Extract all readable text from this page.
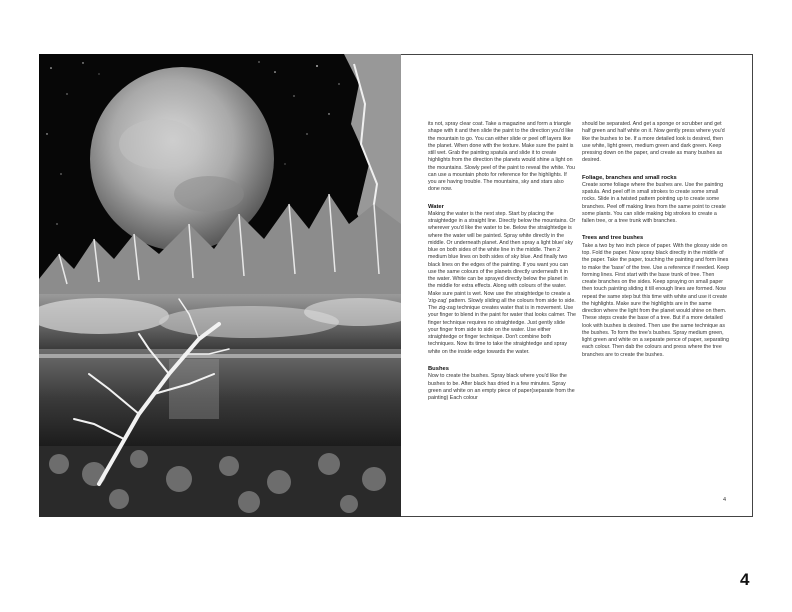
its not, spray clear coat. Take a magazine and form a triangle shape with it and then slide the paint to the direction you'd like the mountain to go. You can either slide or peel off layers like the planet. When done with the texture. Make sure the paint is still wet. Grab the painting spatula and slide it to create highlights from the direction the planets would shine a light on the mountains. Slowly peel of the paint to reveal the white. You can use a mountain photo for reference for the highlights. If you are having trouble. The mountains, sky and stars also done now.

Water

Making the water is the next step. Start by placing the straightedge in a straight line. Directly below the mountains. Or wherever you'd like the water to be. Below the straightedge is where the water will be painted. Spray white directly in the middle. Or underneath planet. And then spray a light blue/ sky blue on both sides of the white line in the middle. Then 2 medium blue lines on both sides of sky blue. And finally two black lines on the edges of the painting. If you want you can use the same colours of the planets directly underneath it in the water. White can be sprayed directly below the planet in the middle for extra effects. Along with colours of the water. Make sure paint is wet. Now use the straightedge to create a 'zig-zag' pattern. Slowly sliding all the colours from side to side. The zig-zag technique creates water that is in movement. Use your finger to blend in the paint for water that looks calmer. The finger technique requires no straightedge. Just gently slide your finger from side to side on the water. Use either straightedge or finger technique. Don't combine both techniques. Now its time to take the straightedge and spray white on the inside edge towards the water.

Bushes

Now to create the bushes. Spray black where you'd like the bushes to be. After black has dried in a few minutes. Spray green and white on an empty piece of paper(separate from the painting) Each colour

should be separated. And get a sponge or scrubber and get half green and half white on it. Now gently press where you'd like the bushes to be. If a more detailed look is desired, then use white, light green, medium green and dark green. Keep pressing down on the paper, and create as many bushes as desired.

Foliage, branches and small rocks

Create some foliage where the bushes are. Use the painting spatula. And peel off in small strokes to create some small rocks. Slide in a twisted pattern pointing up to create some branches. Peel off making lines from the same point to create some plants. You can slide making big strokes to create a fallen tree, or a tree trunk with branches.

Trees and tree bushes

Take a two by two inch piece of paper. With the glossy side on top. Fold the paper. Now spray black directly in the middle of the paper. Take the paper, touching the painting and form lines to make the 'base' of the tree. Use a reference if needed. Keep forming lines. First start with the base trunk of tree. Then create branches on the sides. Keep spraying on small paper then touch painting sliding it till enough lines are formed. Now repeat the same step but this time with white and use it create the highlights. Make sure the highlights are in the same direction where the light from the planet would shine on them. These steps create the base of a tree. But if a more detailed look with bushes is desired. Then use the same technique as the bushes. To form the tree's bushes. Spray medium green, light green and white on a separate pence of paper, separating each colour. Then dab the colours and press where the tree branches are to create the bushes.

4
4
